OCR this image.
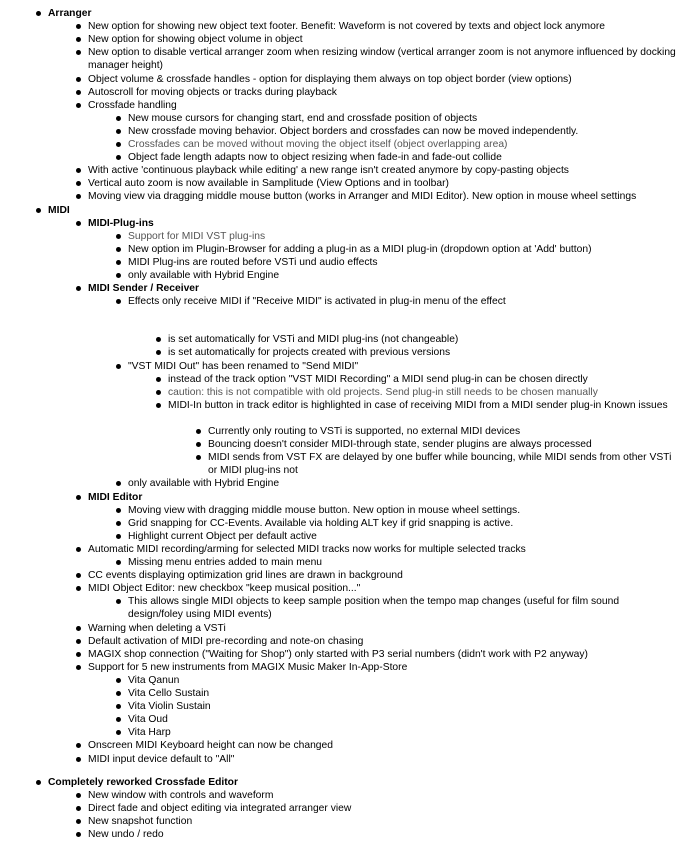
Arranger
New option for showing new object text footer. Benefit: Waveform is not covered by texts and object lock anymore
New option for showing object volume in object
New option to disable vertical arranger zoom when resizing window (vertical arranger zoom is not anymore influenced by docking manager height)
Object volume & crossfade handles - option for displaying them always on top object border (view options)
Autoscroll for moving objects or tracks during playback
Crossfade handling
New mouse cursors for changing start, end and crossfade position of objects
New crossfade moving behavior. Object borders and crossfades can now be moved independently.
Crossfades can be moved without moving the object itself (object overlapping area)
Object fade length adapts now to object resizing when fade-in and fade-out collide
With active 'continuous playback while editing' a new range isn't created anymore by copy-pasting objects
Vertical auto zoom is now available in Samplitude (View Options and in toolbar)
Moving view via dragging middle mouse button (works in Arranger and MIDI Editor). New option in mouse wheel settings
MIDI
MIDI-Plug-ins
Support for MIDI VST plug-ins
New option im Plugin-Browser for adding a plug-in as a MIDI plug-in (dropdown option at 'Add' button)
MIDI Plug-ins are routed before VSTi und audio effects
only available with Hybrid Engine
MIDI Sender / Receiver
Effects only receive MIDI if "Receive MIDI" is activated in plug-in menu of the effect
is set automatically for VSTi and MIDI plug-ins (not changeable)
is set automatically for projects created with previous versions
"VST MIDI Out" has been renamed to "Send MIDI"
instead of the track option "VST MIDI Recording" a MIDI send plug-in can be chosen directly
caution: this is not compatible with old projects. Send plug-in still needs to be chosen manually
MIDI-In button in track editor is highlighted in case of receiving MIDI from a MIDI sender plug-in Known issues
Currently only routing to VSTi is supported, no external MIDI devices
Bouncing doesn't consider MIDI-through state, sender plugins are always processed
MIDI sends from VST FX are delayed by one buffer while bouncing, while MIDI sends from other VSTi or MIDI plug-ins not
only available with Hybrid Engine
MIDI Editor
Moving view with dragging middle mouse button. New option in mouse wheel settings.
Grid snapping for CC-Events. Available via holding ALT key if grid snapping is active.
Highlight current Object per default active
Automatic MIDI recording/arming for selected MIDI tracks now works for multiple selected tracks
Missing menu entries added to main menu
CC events displaying optimization grid lines are drawn in background
MIDI Object Editor: new checkbox "keep musical position..."
This allows single MIDI objects to keep sample position when the tempo map changes (useful for film sound design/foley using MIDI events)
Warning when deleting a VSTi
Default activation of MIDI pre-recording and note-on chasing
MAGIX shop connection ("Waiting for Shop") only started with P3 serial numbers (didn't work with P2 anyway)
Support for 5 new instruments from MAGIX Music Maker In-App-Store
Vita Qanun
Vita Cello Sustain
Vita Violin Sustain
Vita Oud
Vita Harp
Onscreen MIDI Keyboard height can now be changed
MIDI input device default to "All"
Completely reworked Crossfade Editor
New window with controls and waveform
Direct fade and object editing via integrated arranger view
New snapshot function
New undo / redo
